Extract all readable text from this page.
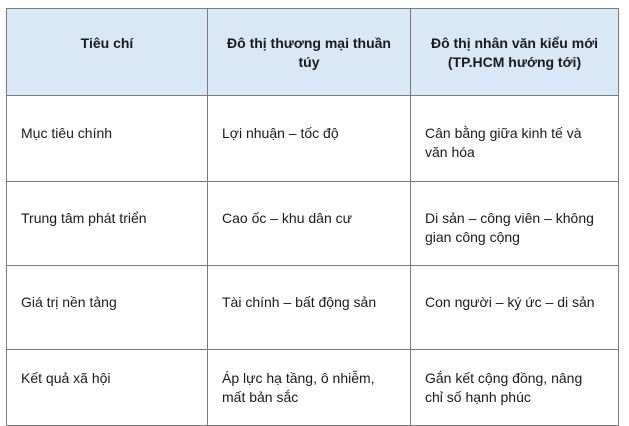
Tiêu chí	Đô thị thương mại thuần túy	Đô thị nhân văn kiểu mới (TP.HCM hướng tới)
Mục tiêu chính	Lợi nhuận – tốc độ	Cân bằng giữa kinh tế và văn hóa
Trung tâm phát triển	Cao ốc – khu dân cư	Di sản – công viên – không gian công cộng
Giá trị nền tảng	Tài chính – bất động sản	Con người – ký ức – di sản
Kết quả xã hội	Áp lực hạ tầng, ô nhiễm, mất bản sắc	Gắn kết cộng đồng, nâng chỉ số hạnh phúc
